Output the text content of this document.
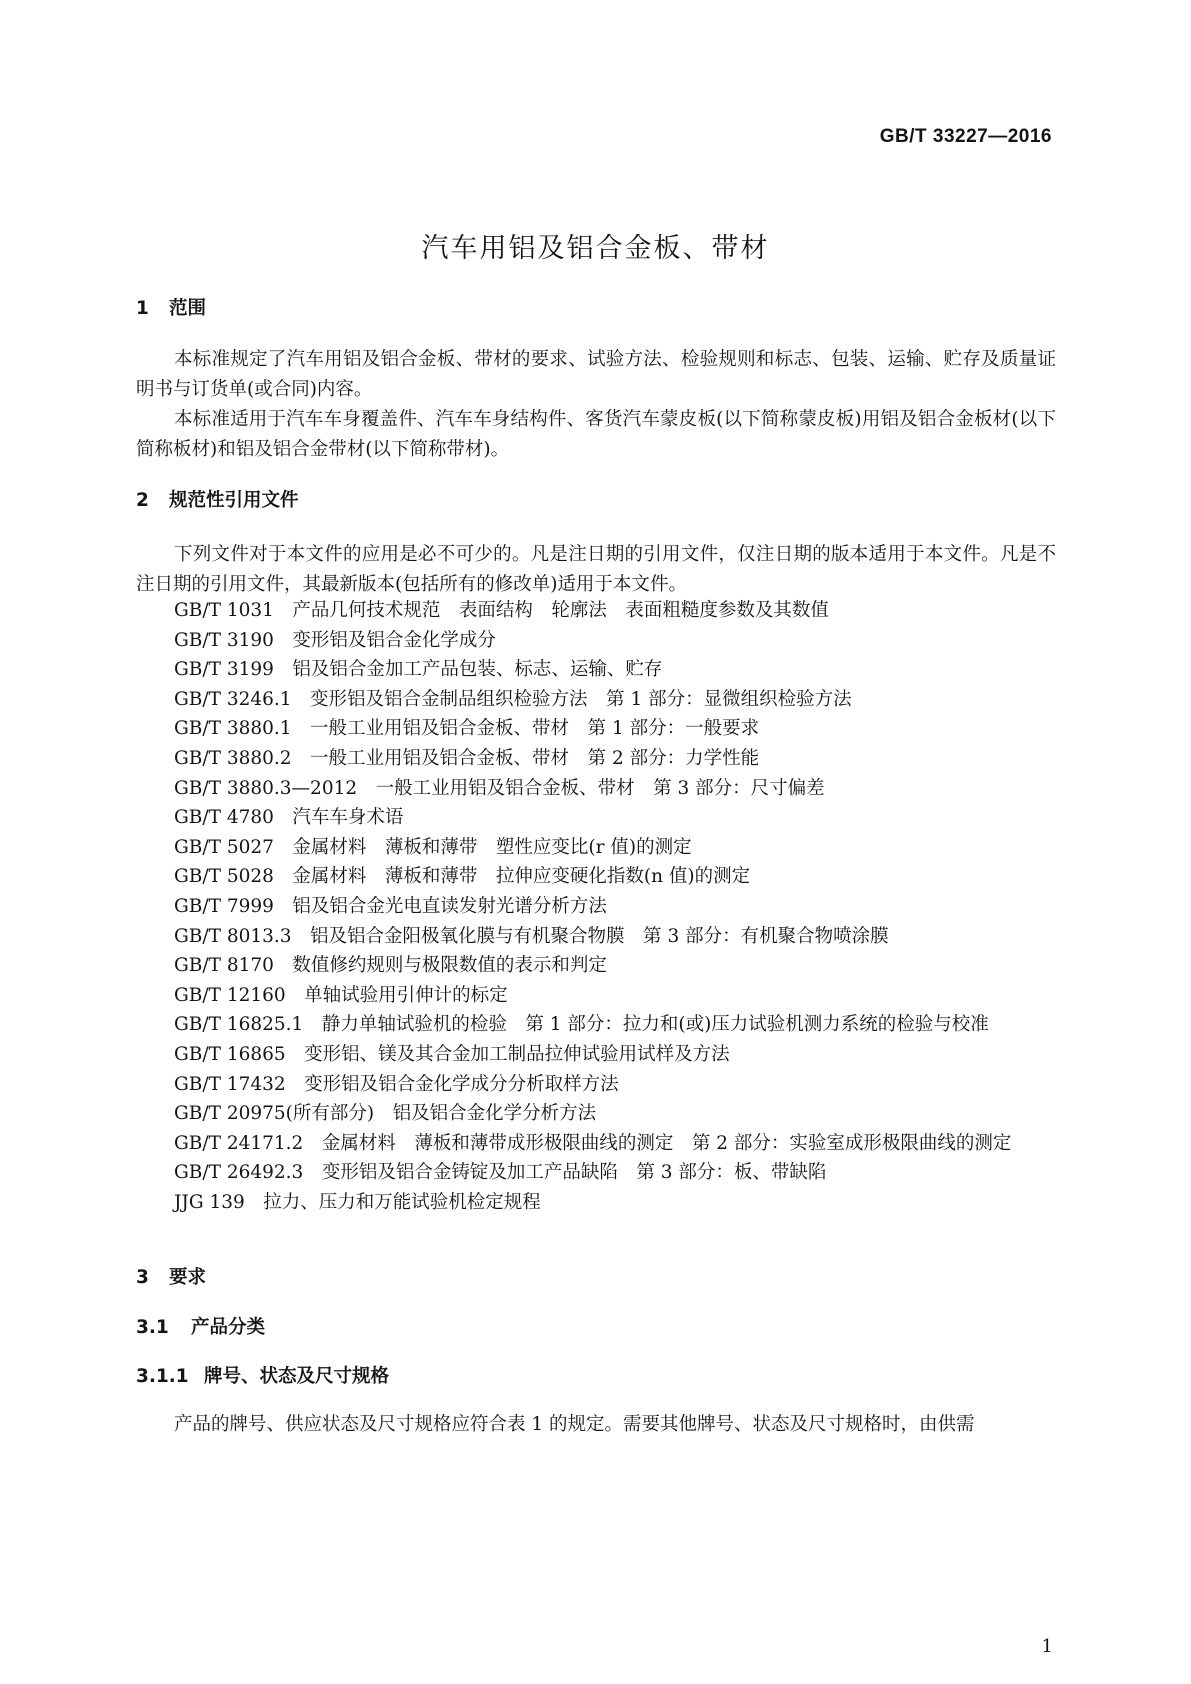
GB/T 33227—2016
汽车用铝及铝合金板、带材
1 范围

本标准规定了汽车用铝及铝合金板、带材的要求、试验方法、检验规则和标志、包装、运输、贮存及质量证明书与订货单(或合同)内容。

本标准适用于汽车车身覆盖件、汽车车身结构件、客货汽车蒙皮板(以下简称蒙皮板)用铝及铝合金板材(以下简称板材)和铝及铝合金带材(以下简称带材)。

2 规范性引用文件

下列文件对于本文件的应用是必不可少的。凡是注日期的引用文件，仅注日期的版本适用于本文件。凡是不注日期的引用文件，其最新版本(包括所有的修改单)适用于本文件。

GB/T 1031　产品几何技术规范　表面结构　轮廓法　表面粗糙度参数及其数值
GB/T 3190　变形铝及铝合金化学成分
GB/T 3199　铝及铝合金加工产品包装、标志、运输、贮存
GB/T 3246.1　变形铝及铝合金制品组织检验方法　第 1 部分：显微组织检验方法
GB/T 3880.1　一般工业用铝及铝合金板、带材　第 1 部分：一般要求
GB/T 3880.2　一般工业用铝及铝合金板、带材　第 2 部分：力学性能
GB/T 3880.3—2012　一般工业用铝及铝合金板、带材　第 3 部分：尺寸偏差
GB/T 4780　汽车车身术语
GB/T 5027　金属材料　薄板和薄带　塑性应变比(r 值)的测定
GB/T 5028　金属材料　薄板和薄带　拉伸应变硬化指数(n 值)的测定
GB/T 7999　铝及铝合金光电直读发射光谱分析方法
GB/T 8013.3　铝及铝合金阳极氧化膜与有机聚合物膜　第 3 部分：有机聚合物喷涂膜
GB/T 8170　数值修约规则与极限数值的表示和判定
GB/T 12160　单轴试验用引伸计的标定
GB/T 16825.1　静力单轴试验机的检验　第 1 部分：拉力和(或)压力试验机测力系统的检验与校准
GB/T 16865　变形铝、镁及其合金加工制品拉伸试验用试样及方法
GB/T 17432　变形铝及铝合金化学成分分析取样方法
GB/T 20975(所有部分)　铝及铝合金化学分析方法
GB/T 24171.2　金属材料　薄板和薄带成形极限曲线的测定　第 2 部分：实验室成形极限曲线的测定
GB/T 26492.3　变形铝及铝合金铸锭及加工产品缺陷　第 3 部分：板、带缺陷
JJG 139　拉力、压力和万能试验机检定规程
3 要求
3.1 产品分类
3.1.1 牌号、状态及尺寸规格

产品的牌号、供应状态及尺寸规格应符合表 1 的规定。需要其他牌号、状态及尺寸规格时，由供需

1
